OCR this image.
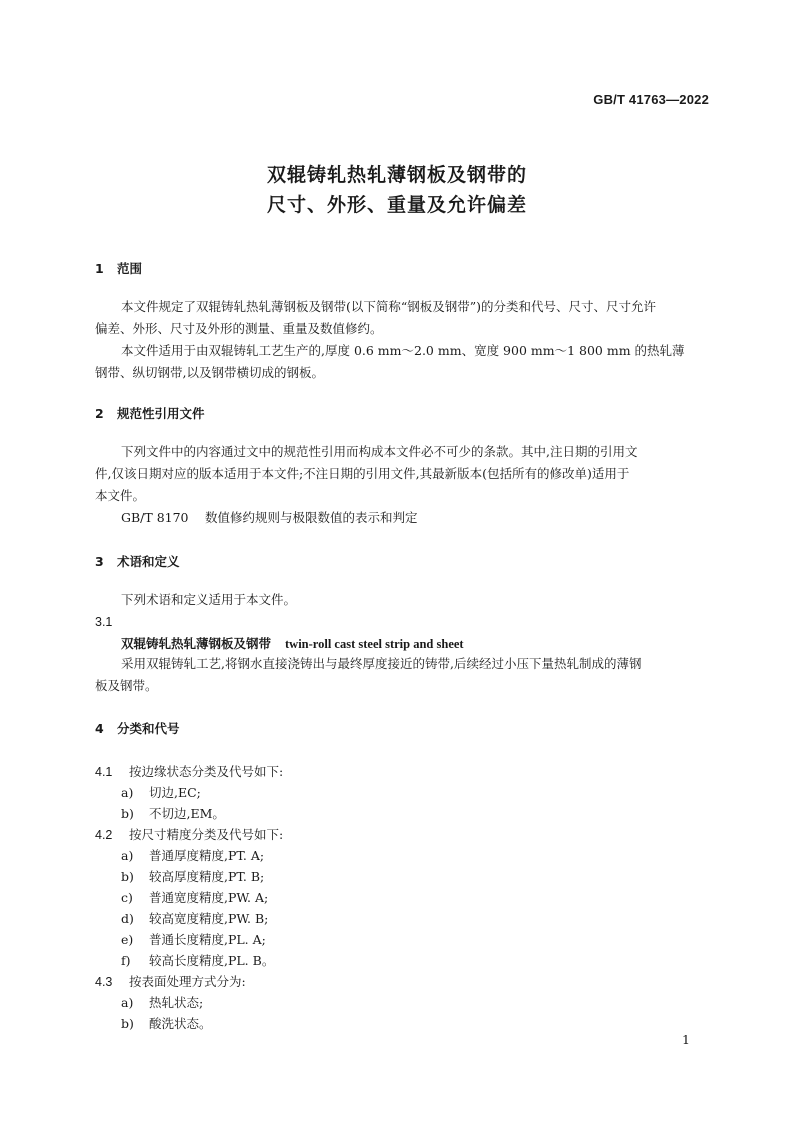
GB/T 41763—2022
双辊铸轧热轧薄钢板及钢带的
尺寸、外形、重量及允许偏差
1 范围
本文件规定了双辊铸轧热轧薄钢板及钢带(以下简称“钢板及钢带”)的分类和代号、尺寸、尺寸允许
偏差、外形、尺寸及外形的测量、重量及数值修约。
本文件适用于由双辊铸轧工艺生产的,厚度 0.6 mm～2.0 mm、宽度 900 mm～1 800 mm 的热轧薄
钢带、纵切钢带,以及钢带横切成的钢板。
2 规范性引用文件
下列文件中的内容通过文中的规范性引用而构成本文件必不可少的条款。其中,注日期的引用文
件,仅该日期对应的版本适用于本文件;不注日期的引用文件,其最新版本(包括所有的修改单)适用于
本文件。
GB/T 8170 数值修约规则与极限数值的表示和判定
3 术语和定义
下列术语和定义适用于本文件。
3.1
双辊铸轧热轧薄钢板及钢带 twin-roll cast steel strip and sheet
采用双辊铸轧工艺,将钢水直接浇铸出与最终厚度接近的铸带,后续经过小压下量热轧制成的薄钢
板及钢带。
4 分类和代号
4.1 按边缘状态分类及代号如下:
a) 切边,EC;
b) 不切边,EM。
4.2 按尺寸精度分类及代号如下:
a) 普通厚度精度,PT. A;
b) 较高厚度精度,PT. B;
c) 普通宽度精度,PW. A;
d) 较高宽度精度,PW. B;
e) 普通长度精度,PL. A;
f) 较高长度精度,PL. B。
4.3 按表面处理方式分为:
a) 热轧状态;
b) 酸洗状态。
1
